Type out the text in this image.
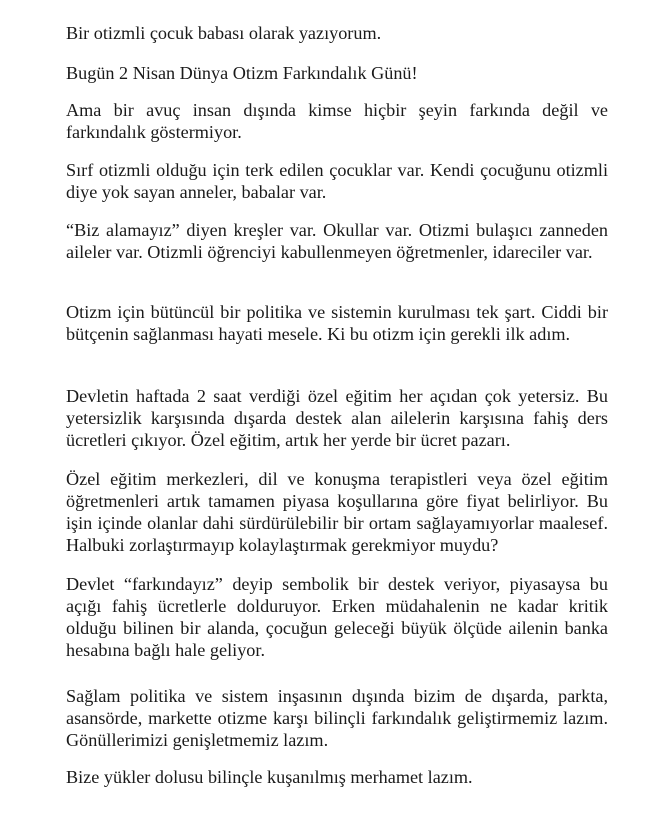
Bir otizmli çocuk babası olarak yazıyorum.

Bugün 2 Nisan Dünya Otizm Farkındalık Günü!

Ama bir avuç insan dışında kimse hiçbir şeyin farkında değil ve farkındalık göstermiyor.

Sırf otizmli olduğu için terk edilen çocuklar var. Kendi çocuğunu otizmli diye yok sayan anneler, babalar var.

“Biz alamayız” diyen kreşler var. Okullar var. Otizmi bulaşıcı zanneden aileler var. Otizmli öğrenciyi kabullenmeyen öğretmenler, idareciler var.

Otizm için bütüncül bir politika ve sistemin kurulması tek şart. Ciddi bir bütçenin sağlanması hayati mesele. Ki bu otizm için gerekli ilk adım.

Devletin haftada 2 saat verdiği özel eğitim her açıdan çok yetersiz. Bu yetersizlik karşısında dışarda destek alan ailelerin karşısına fahiş ders ücretleri çıkıyor. Özel eğitim, artık her yerde bir ücret pazarı.

Özel eğitim merkezleri, dil ve konuşma terapistleri veya özel eğitim öğretmenleri artık tamamen piyasa koşullarına göre fiyat belirliyor. Bu işin içinde olanlar dahi sürdürülebilir bir ortam sağlayamıyorlar maalesef. Halbuki zorlaştırmayıp kolaylaştırmak gerekmiyor muydu?

Devlet “farkındayız” deyip sembolik bir destek veriyor, piyasaysa bu açığı fahiş ücretlerle dolduruyor. Erken müdahalenin ne kadar kritik olduğu bilinen bir alanda, çocuğun geleceği büyük ölçüde ailenin banka hesabına bağlı hale geliyor.

Sağlam politika ve sistem inşasının dışında bizim de dışarda, parkta, asansörde, markette otizme karşı bilinçli farkındalık geliştirmemiz lazım. Gönüllerimizi genişletmemiz lazım.

Bize yükler dolusu bilinçle kuşanılmış merhamet lazım.
